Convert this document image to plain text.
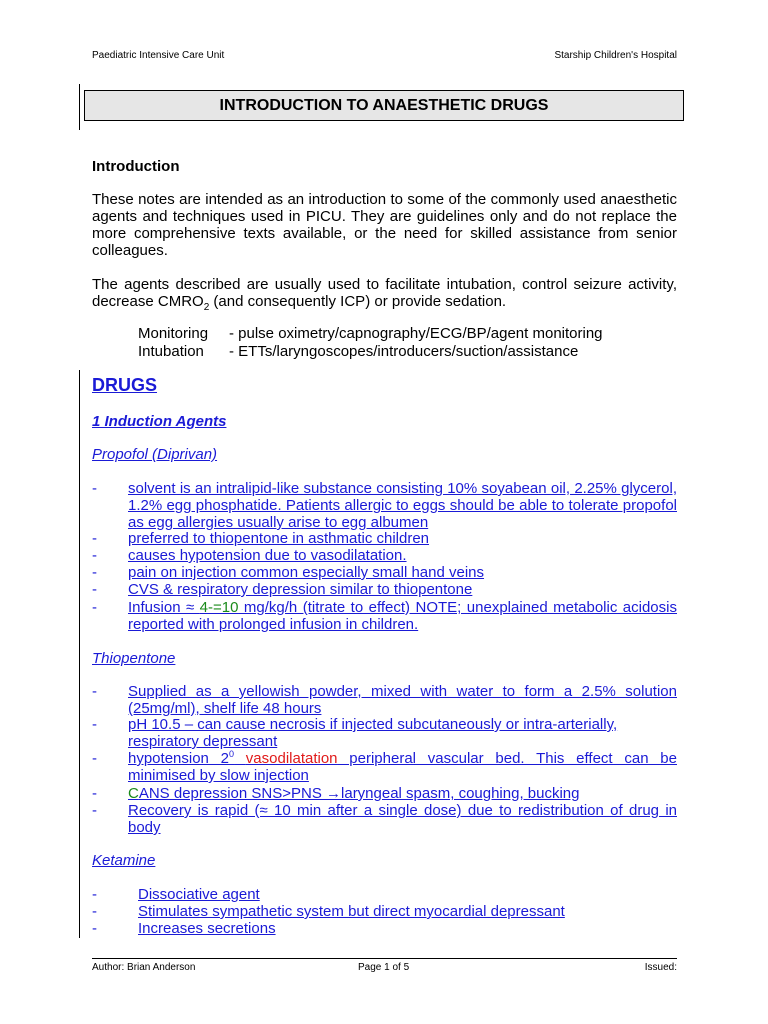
Paediatric Intensive Care Unit	Starship Children's Hospital
INTRODUCTION TO ANAESTHETIC DRUGS
Introduction
These notes are intended as an introduction to some of the commonly used anaesthetic agents and techniques used in PICU. They are guidelines only and do not replace the more comprehensive texts available, or the need for skilled assistance from senior colleagues.
The agents described are usually used to facilitate intubation, control seizure activity, decrease $CMRO_2$ (and consequently ICP) or provide sedation.
Monitoring - pulse oximetry/capnography/ECG/BP/agent monitoring
Intubation - ETTs/laryngoscopes/introducers/suction/assistance
DRUGS
1 Induction Agents
Propofol (Diprivan)
- solvent is an intralipid-like substance consisting 10% soyabean oil, 2.25% glycerol, 1.2% egg phosphatide. Patients allergic to eggs should be able to tolerate propofol as egg allergies usually arise to egg albumen
- preferred to thiopentone in asthmatic children
- causes hypotension due to vasodilatation.
- pain on injection common especially small hand veins
- CVS & respiratory depression similar to thiopentone
- Infusion ≈ 4-=10 mg/kg/h (titrate to effect) NOTE; unexplained metabolic acidosis reported with prolonged infusion in children.
Thiopentone
- Supplied as a yellowish powder, mixed with water to form a 2.5% solution (25mg/ml), shelf life 48 hours
- pH 10.5 – can cause necrosis if injected subcutaneously or intra-arterially, respiratory depressant
- hypotension $2^0$ vasodilatation peripheral vascular bed. This effect can be minimised by slow injection
- CANS depression SNS>PNS →laryngeal spasm, coughing, bucking
- Recovery is rapid (≈ 10 min after a single dose) due to redistribution of drug in body
Ketamine
-	Dissociative agent
-	Stimulates sympathetic system but direct myocardial depressant
-	Increases secretions
Author: Brian Anderson	Page 1 of 5	Issued:
